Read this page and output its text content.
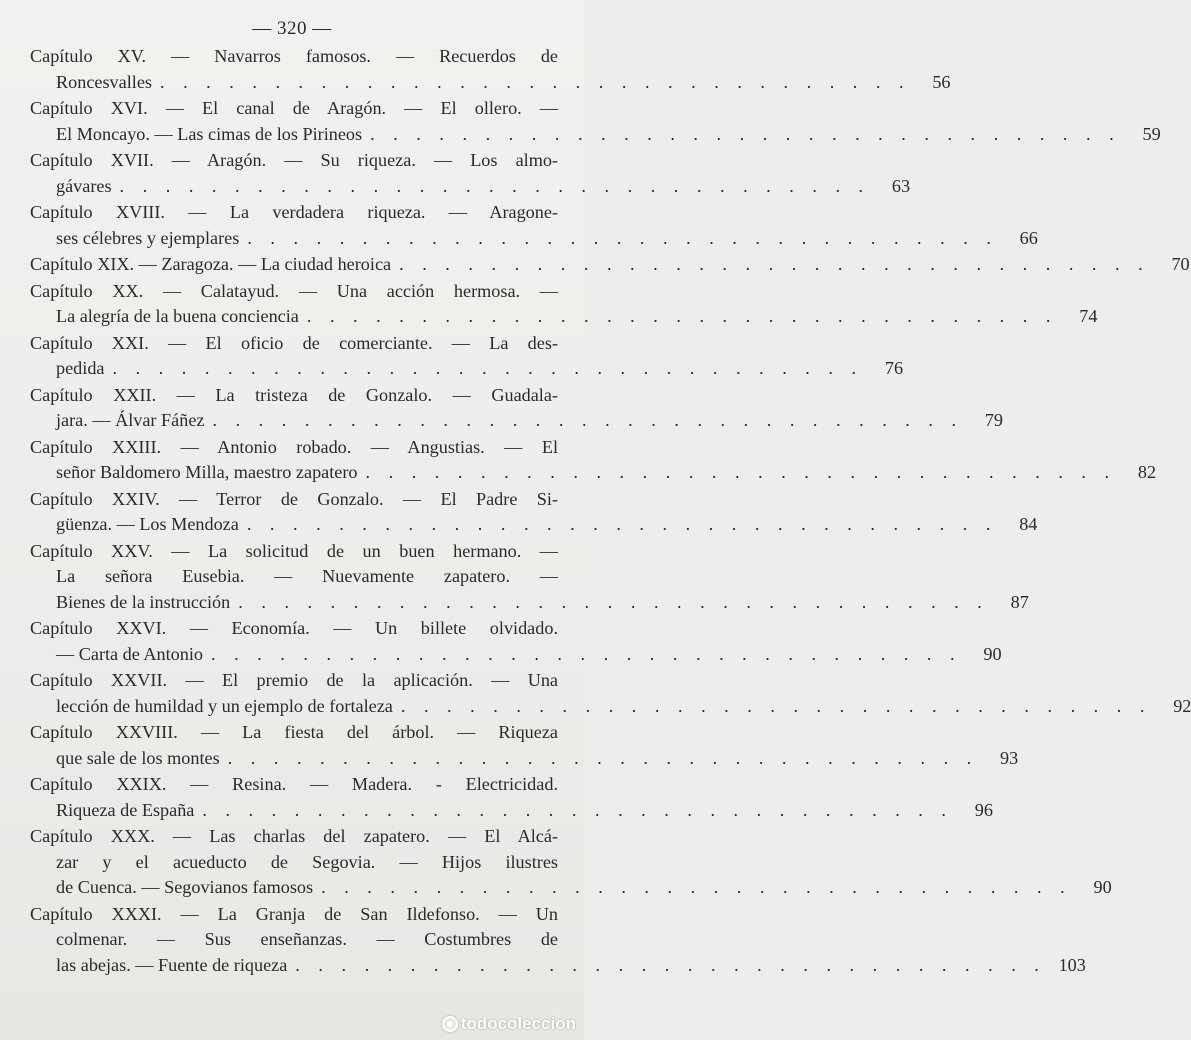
— 320 —
Capítulo XV. — Navarros famosos. — Recuerdos de
Roncesvalles . . . . . . . . . . . . . . . . . . . . . . . . . . . . . . . . .	56
Capítulo XVI. — El canal de Aragón. — El ollero. —
El Moncayo. — Las cimas de los Pirineos . . . . . . . . . . . . . . . . . . . . . . . . . . . . . . . . .	59
Capítulo XVII. — Aragón. — Su riqueza. — Los almo-
gávares . . . . . . . . . . . . . . . . . . . . . . . . . . . . . . . . .	63
Capítulo XVIII. — La verdadera riqueza. — Aragone-
ses célebres y ejemplares . . . . . . . . . . . . . . . . . . . . . . . . . . . . . . . . .	66
Capítulo XIX. — Zaragoza. — La ciudad heroica . . . . . . . . . . . . . . . . . . . . . . . . . . . . . . . . .	70
Capítulo XX. — Calatayud. — Una acción hermosa. —
La alegría de la buena conciencia . . . . . . . . . . . . . . . . . . . . . . . . . . . . . . . . .	74
Capítulo XXI. — El oficio de comerciante. — La des-
pedida . . . . . . . . . . . . . . . . . . . . . . . . . . . . . . . . .	76
Capítulo XXII. — La tristeza de Gonzalo. — Guadala-
jara. — Álvar Fáñez . . . . . . . . . . . . . . . . . . . . . . . . . . . . . . . . .	79
Capítulo XXIII. — Antonio robado. — Angustias. — El
señor Baldomero Milla, maestro zapatero . . . . . . . . . . . . . . . . . . . . . . . . . . . . . . . . .	82
Capítulo XXIV. — Terror de Gonzalo. — El Padre Si-
güenza. — Los Mendoza . . . . . . . . . . . . . . . . . . . . . . . . . . . . . . . . .	84
Capítulo XXV. — La solicitud de un buen hermano. —
La señora Eusebia. — Nuevamente zapatero. —
Bienes de la instrucción . . . . . . . . . . . . . . . . . . . . . . . . . . . . . . . . .	87
Capítulo XXVI. — Economía. — Un billete olvidado.
— Carta de Antonio . . . . . . . . . . . . . . . . . . . . . . . . . . . . . . . . .	90
Capítulo XXVII. — El premio de la aplicación. — Una
lección de humildad y un ejemplo de fortaleza . . . . . . . . . . . . . . . . . . . . . . . . . . . . . . . . .	92
Capítulo XXVIII. — La fiesta del árbol. — Riqueza
que sale de los montes . . . . . . . . . . . . . . . . . . . . . . . . . . . . . . . . .	93
Capítulo XXIX. — Resina. — Madera. - Electricidad.
Riqueza de España . . . . . . . . . . . . . . . . . . . . . . . . . . . . . . . . .	96
Capítulo XXX. — Las charlas del zapatero. — El Alcá-
zar y el acueducto de Segovia. — Hijos ilustres
de Cuenca. — Segovianos famosos . . . . . . . . . . . . . . . . . . . . . . . . . . . . . . . . .	90
Capítulo XXXI. — La Granja de San Ildefonso. — Un
colmenar. — Sus enseñanzas. — Costumbres de
las abejas. — Fuente de riqueza . . . . . . . . . . . . . . . . . . . . . . . . . . . . . . . . . 103
todocoleccion
